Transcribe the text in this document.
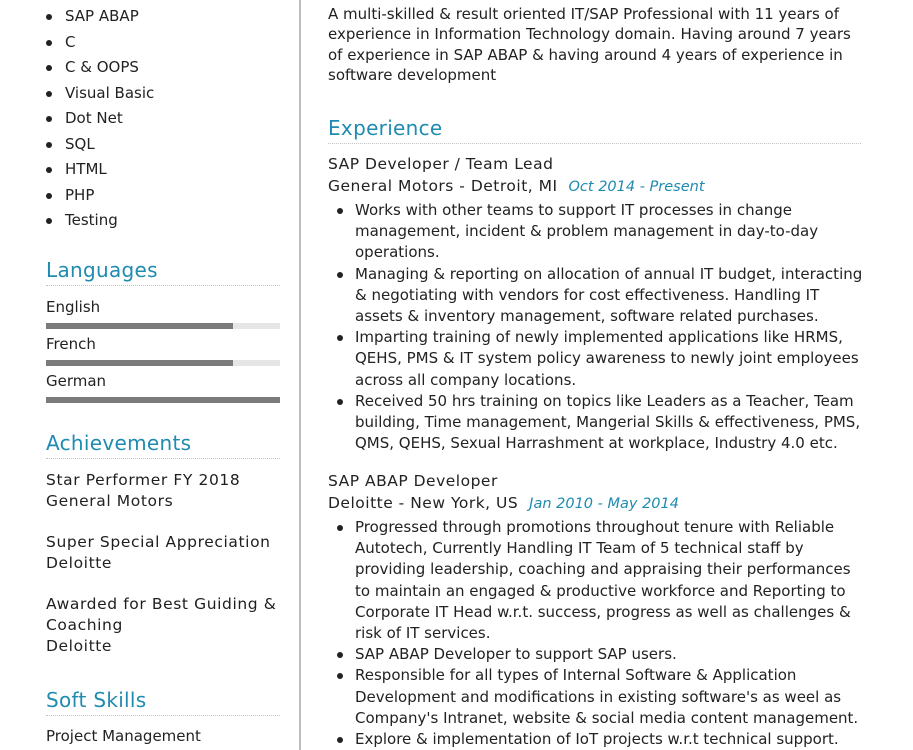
SAP ABAP
C
C & OOPS
Visual Basic
Dot Net
SQL
HTML
PHP
Testing
Languages
English
French
German
Achievements
Star Performer FY 2018
General Motors
Super Special Appreciation
Deloitte
Awarded for Best Guiding & Coaching
Deloitte
Soft Skills
Project Management

A multi-skilled & result oriented IT/SAP Professional with 11 years of experience in Information Technology domain. Having around 7 years of experience in SAP ABAP & having around 4 years of experience in software development

Experience
SAP Developer / Team Lead
General Motors - Detroit, MI Oct 2014 - Present
Works with other teams to support IT processes in change management, incident & problem management in day-to-day operations.
Managing & reporting on allocation of annual IT budget, interacting & negotiating with vendors for cost effectiveness. Handling IT assets & inventory management, software related purchases.
Imparting training of newly implemented applications like HRMS, QEHS, PMS & IT system policy awareness to newly joint employees across all company locations.
Received 50 hrs training on topics like Leaders as a Teacher, Team building, Time management, Mangerial Skills & effectiveness, PMS, QMS, QEHS, Sexual Harrashment at workplace, Industry 4.0 etc.
SAP ABAP Developer
Deloitte - New York, US Jan 2010 - May 2014
Progressed through promotions throughout tenure with Reliable Autotech, Currently Handling IT Team of 5 technical staff by providing leadership, coaching and appraising their performances to maintain an engaged & productive workforce and Reporting to Corporate IT Head w.r.t. success, progress as well as challenges & risk of IT services.
SAP ABAP Developer to support SAP users.
Responsible for all types of Internal Software & Application Development and modifications in existing software's as weel as Company's Intranet, website & social media content management.
Explore & implementation of IoT projects w.r.t technical support.
